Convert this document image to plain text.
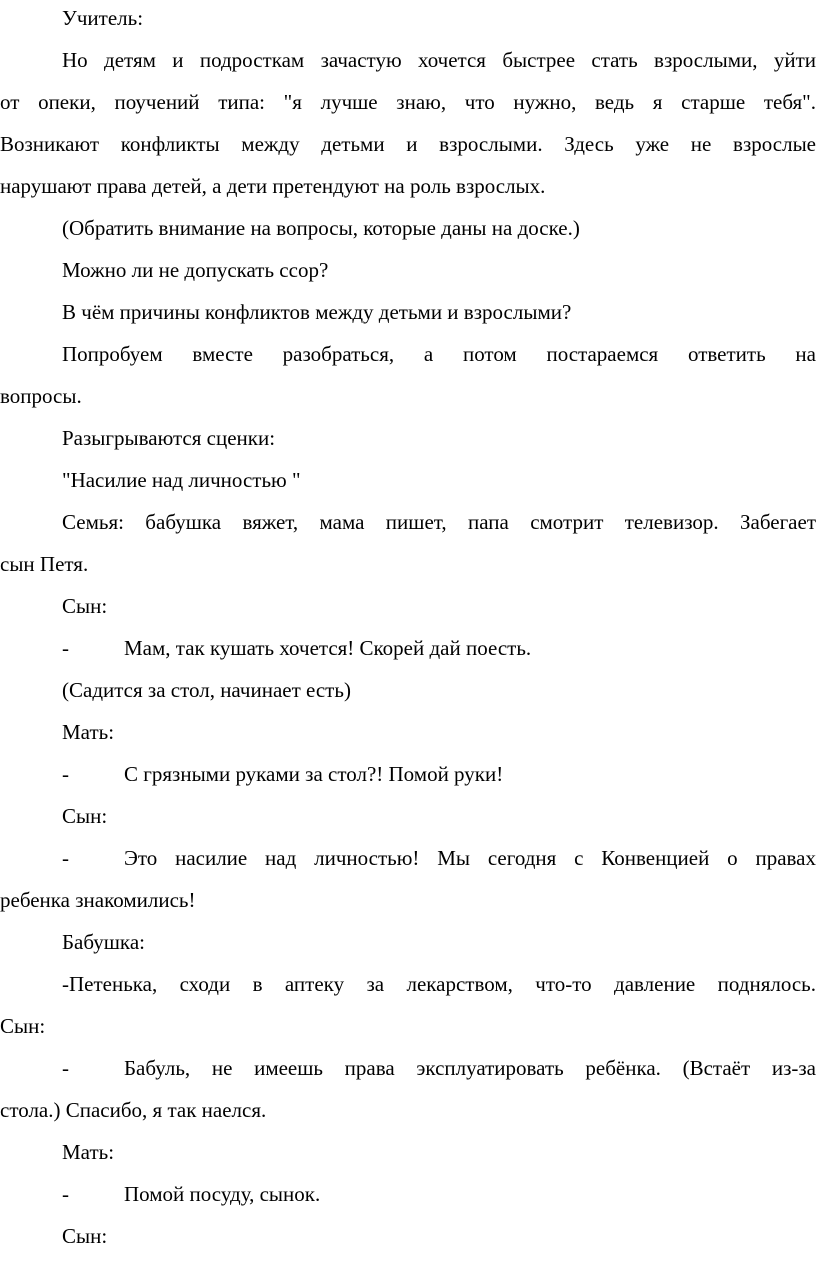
Учитель:
Но детям и подросткам зачастую хочется быстрее стать взрослыми, уйти
от опеки, поучений типа: "я лучше знаю, что нужно, ведь я старше тебя".
Возникают конфликты между детьми и взрослыми. Здесь уже не взрослые
нарушают права детей, а дети претендуют на роль взрослых.
(Обратить внимание на вопросы, которые даны на доске.)
Можно ли не допускать ссор?
В чём причины конфликтов между детьми и взрослыми?
Попробуем вместе разобраться, а потом постараемся ответить на
вопросы.
Разыгрываются сценки:
"Насилие над личностью "
Семья: бабушка вяжет, мама пишет, папа смотрит телевизор. Забегает
сын Петя.
Сын:
-	Мам, так кушать хочется! Скорей дай поесть.
(Садится за стол, начинает есть)
Мать:
-	С грязными руками за стол?! Помой руки!
Сын:
-	Это насилие над личностью! Мы сегодня с Конвенцией о правах
ребенка знакомились!
Бабушка:
-Петенька, сходи в аптеку за лекарством, что-то давление поднялось.
Сын:
-	Бабуль, не имеешь права эксплуатировать ребёнка. (Встаёт из-за
стола.) Спасибо, я так наелся.
Мать:
-	Помой посуду, сынок.
Сын:
